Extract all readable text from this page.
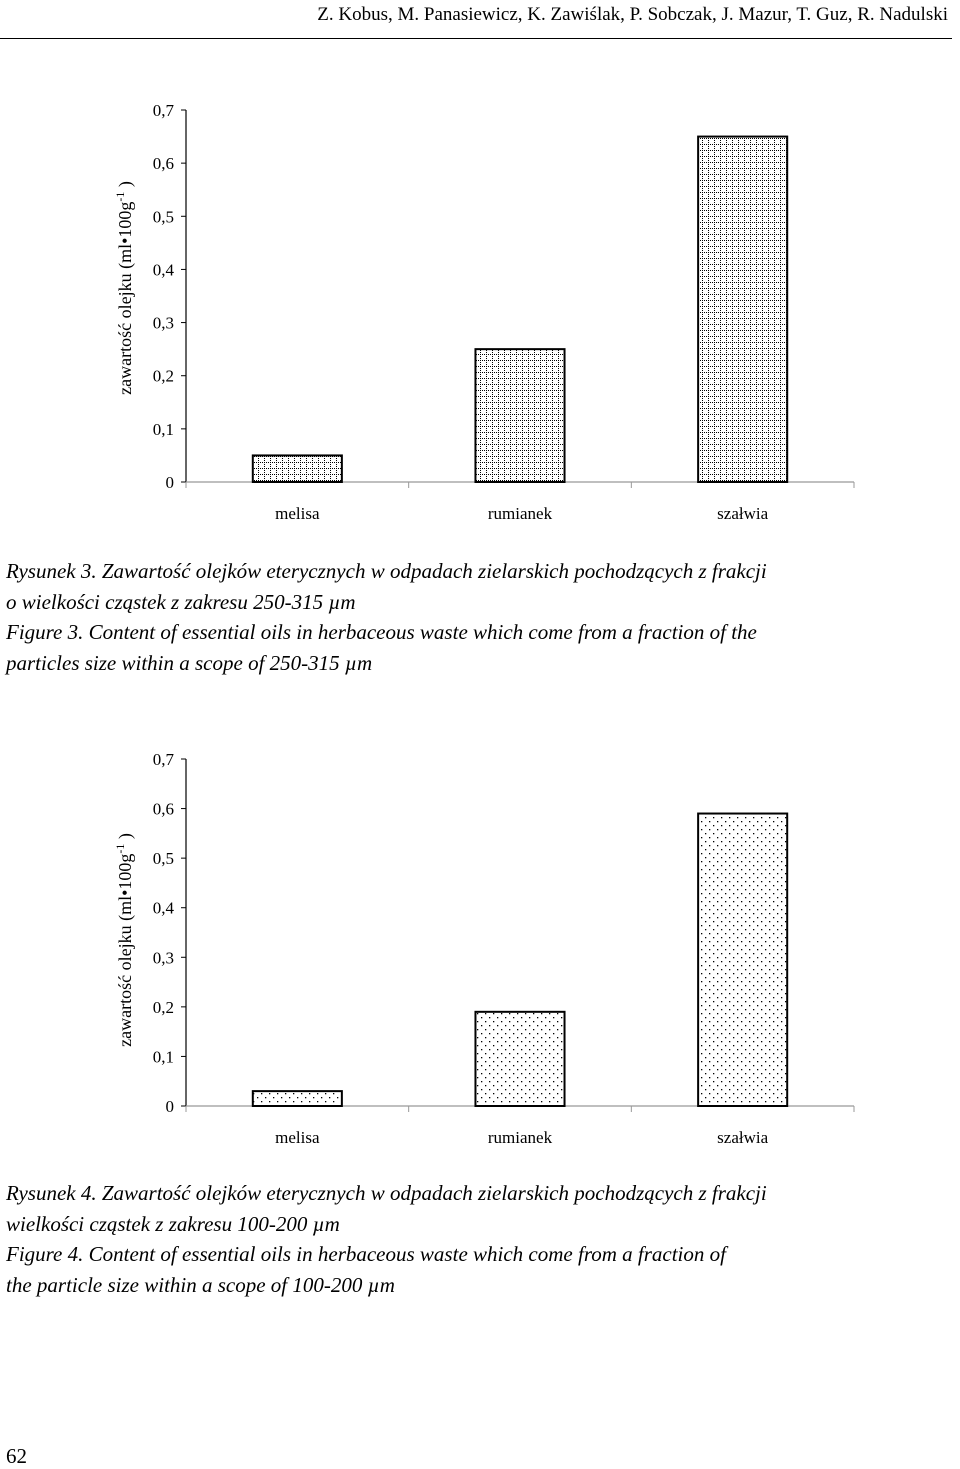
Z. Kobus, M. Panasiewicz, K. Zawiślak, P. Sobczak, J. Mazur, T. Guz, R. Nadulski
0
0,1
0,2
0,3
0,4
0,5
0,6
0,7
melisa	rumianek	szałwia
zawartość olejku ($ml•100g^{-1}$ )

Rysunek 3. Zawartość olejków eterycznych w odpadach zielarskich pochodzących z frakcji

o wielkości cząstek z zakresu 250-315 µm

Figure 3. Content of essential oils in herbaceous waste which come from a fraction of the

particles size within a scope of 250-315 µm

0
0,1
0,2
0,3
0,4
0,5
0,6
0,7
melisa	rumianek	szałwia
zawartość olejku ($ml•100g^{-1}$ )

Rysunek 4. Zawartość olejków eterycznych w odpadach zielarskich pochodzących z frakcji

wielkości cząstek z zakresu 100-200 µm

Figure 4. Content of essential oils in herbaceous waste which come from a fraction of

the particle size within a scope of 100-200 µm

62
